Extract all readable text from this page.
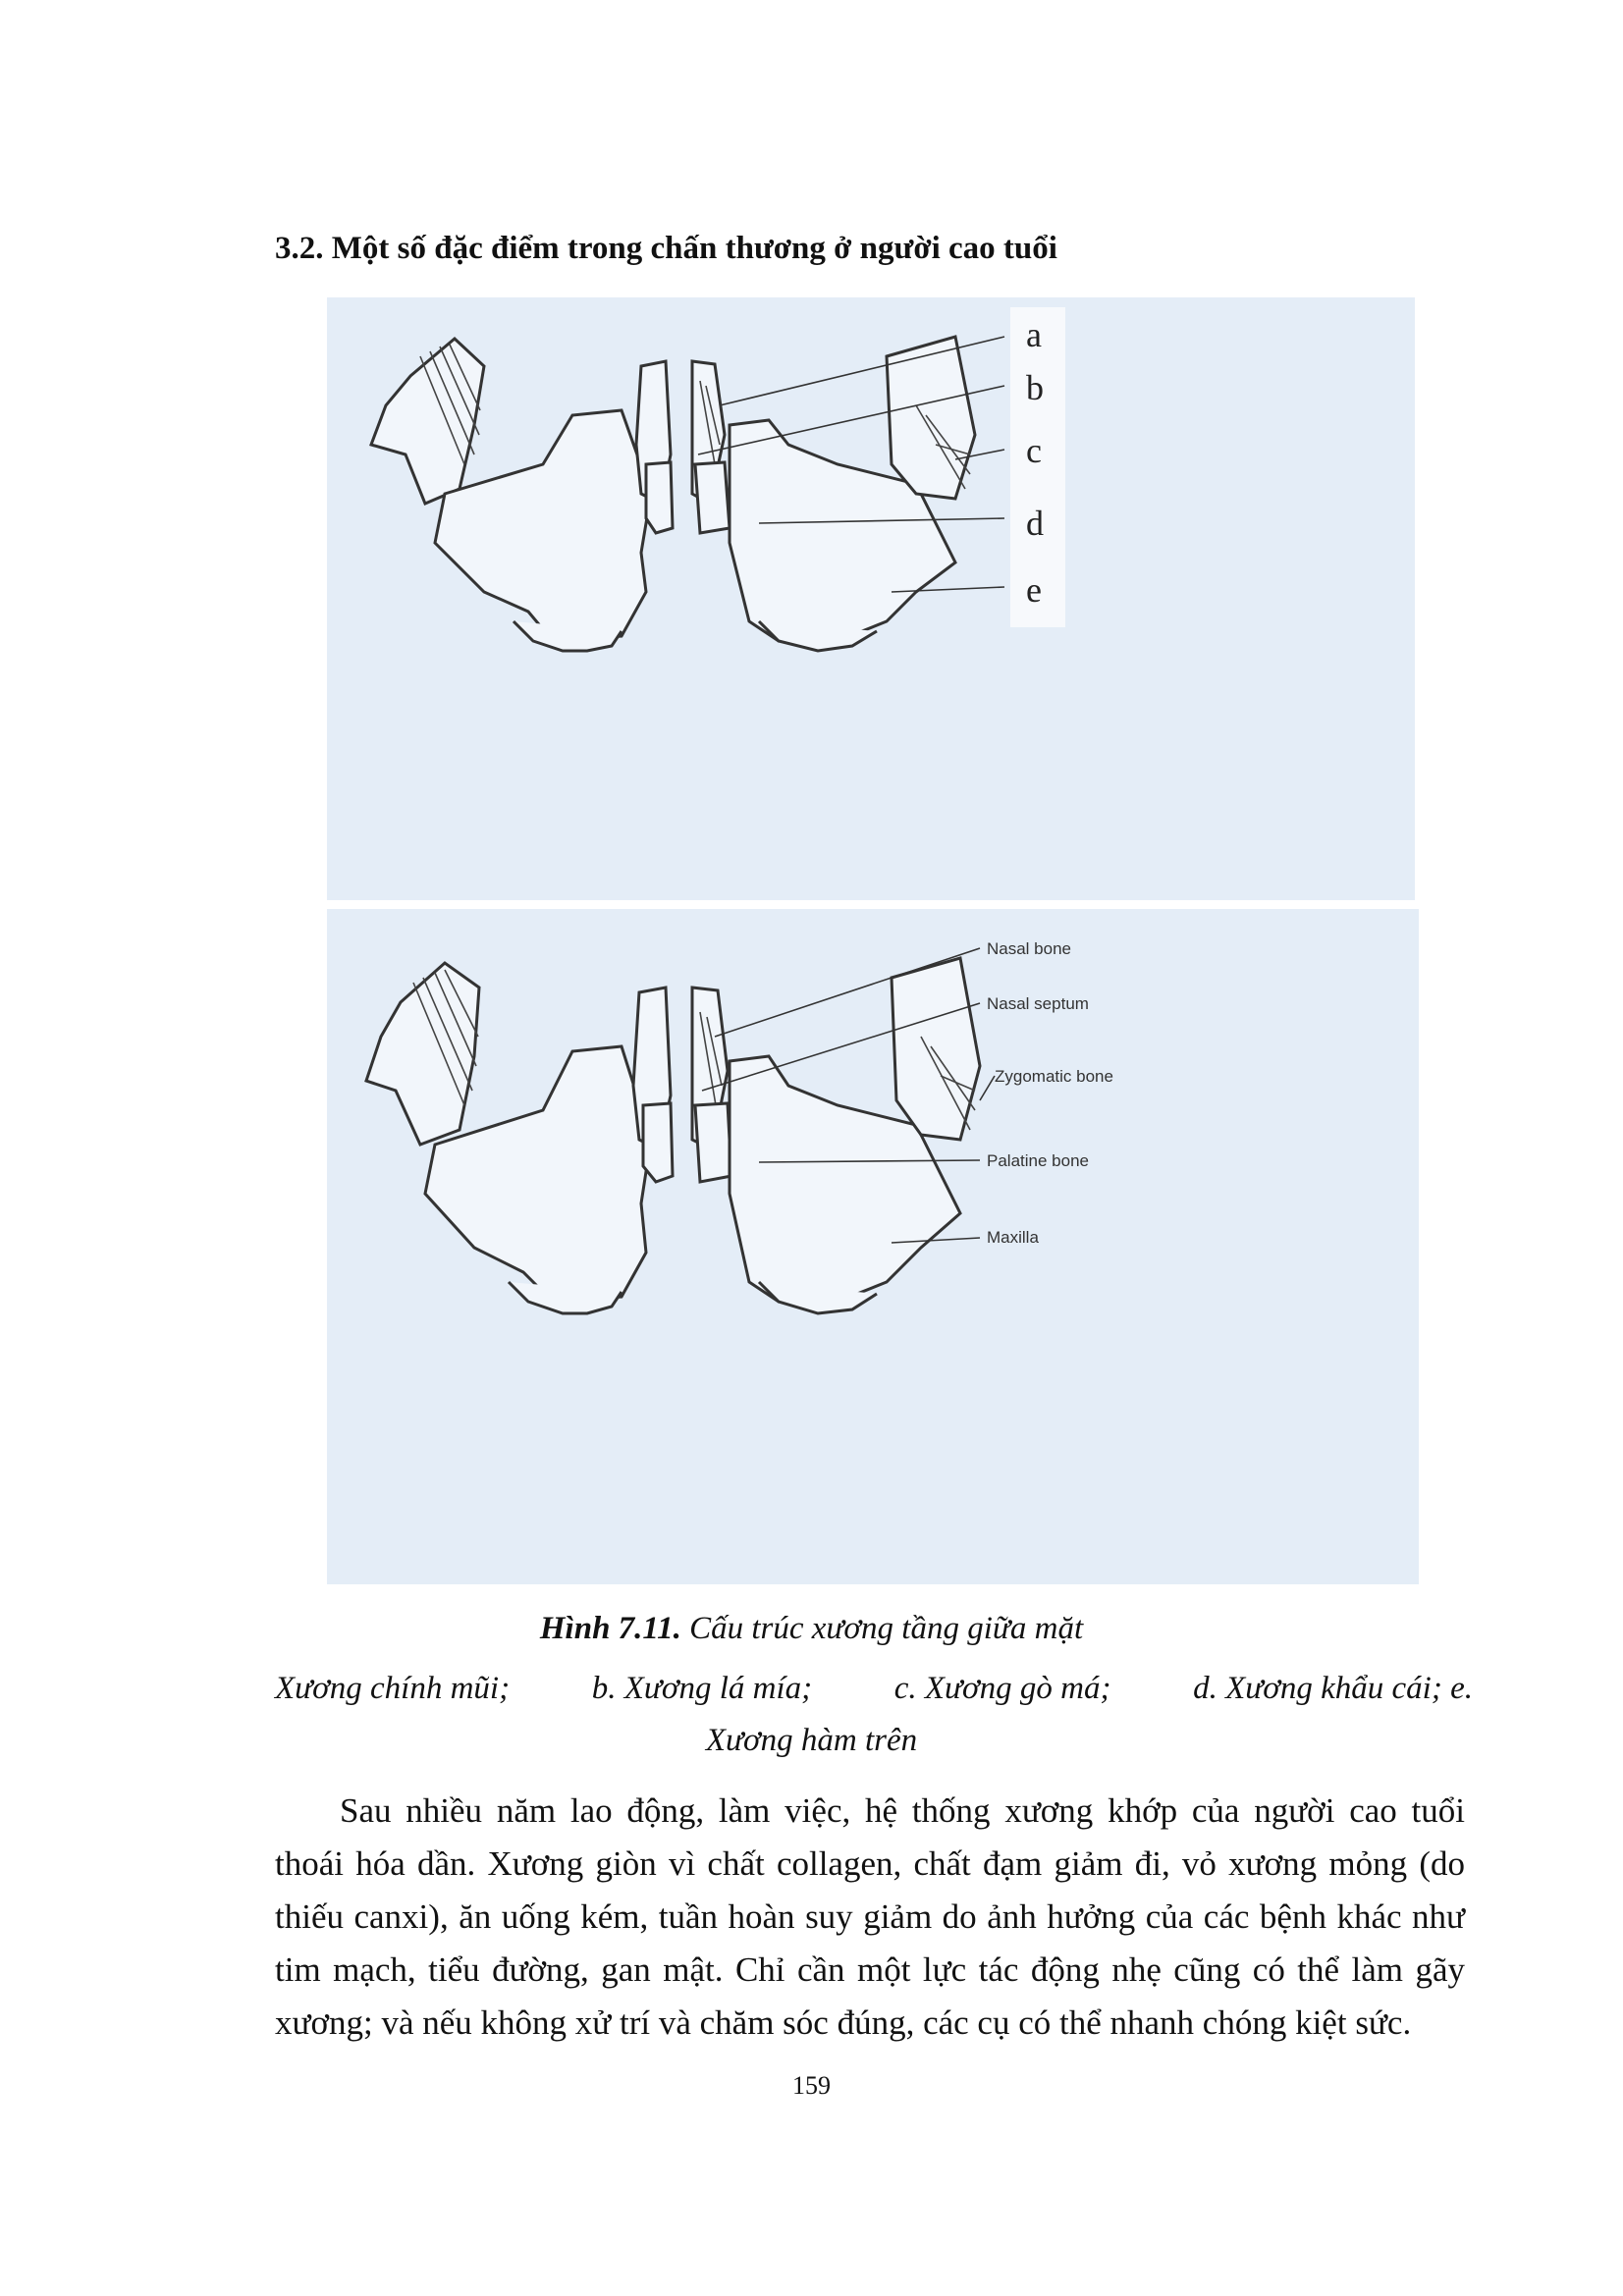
3.2. Một số đặc điểm trong chấn thương ở người cao tuổi
a
b
c
d
e
Nasal bone
Nasal septum
Zygomatic bone
Palatine bone
Maxilla
Hình 7.11. Cấu trúc xương tầng giữa mặt
Xương chính mũi;	b. Xương lá mía;	c. Xương gò má;	d. Xương khẩu cái; e.
Xương hàm trên
Sau nhiều năm lao động, làm việc, hệ thống xương khớp của người cao tuổi
thoái hóa dần. Xương giòn vì chất collagen, chất đạm giảm đi, vỏ xương mỏng (do
thiếu canxi), ăn uống kém, tuần hoàn suy giảm do ảnh hưởng của các bệnh khác như
tim mạch, tiểu đường, gan mật. Chỉ cần một lực tác động nhẹ cũng có thể làm gãy
xương; và nếu không xử trí và chăm sóc đúng, các cụ có thể nhanh chóng kiệt sức.
159
